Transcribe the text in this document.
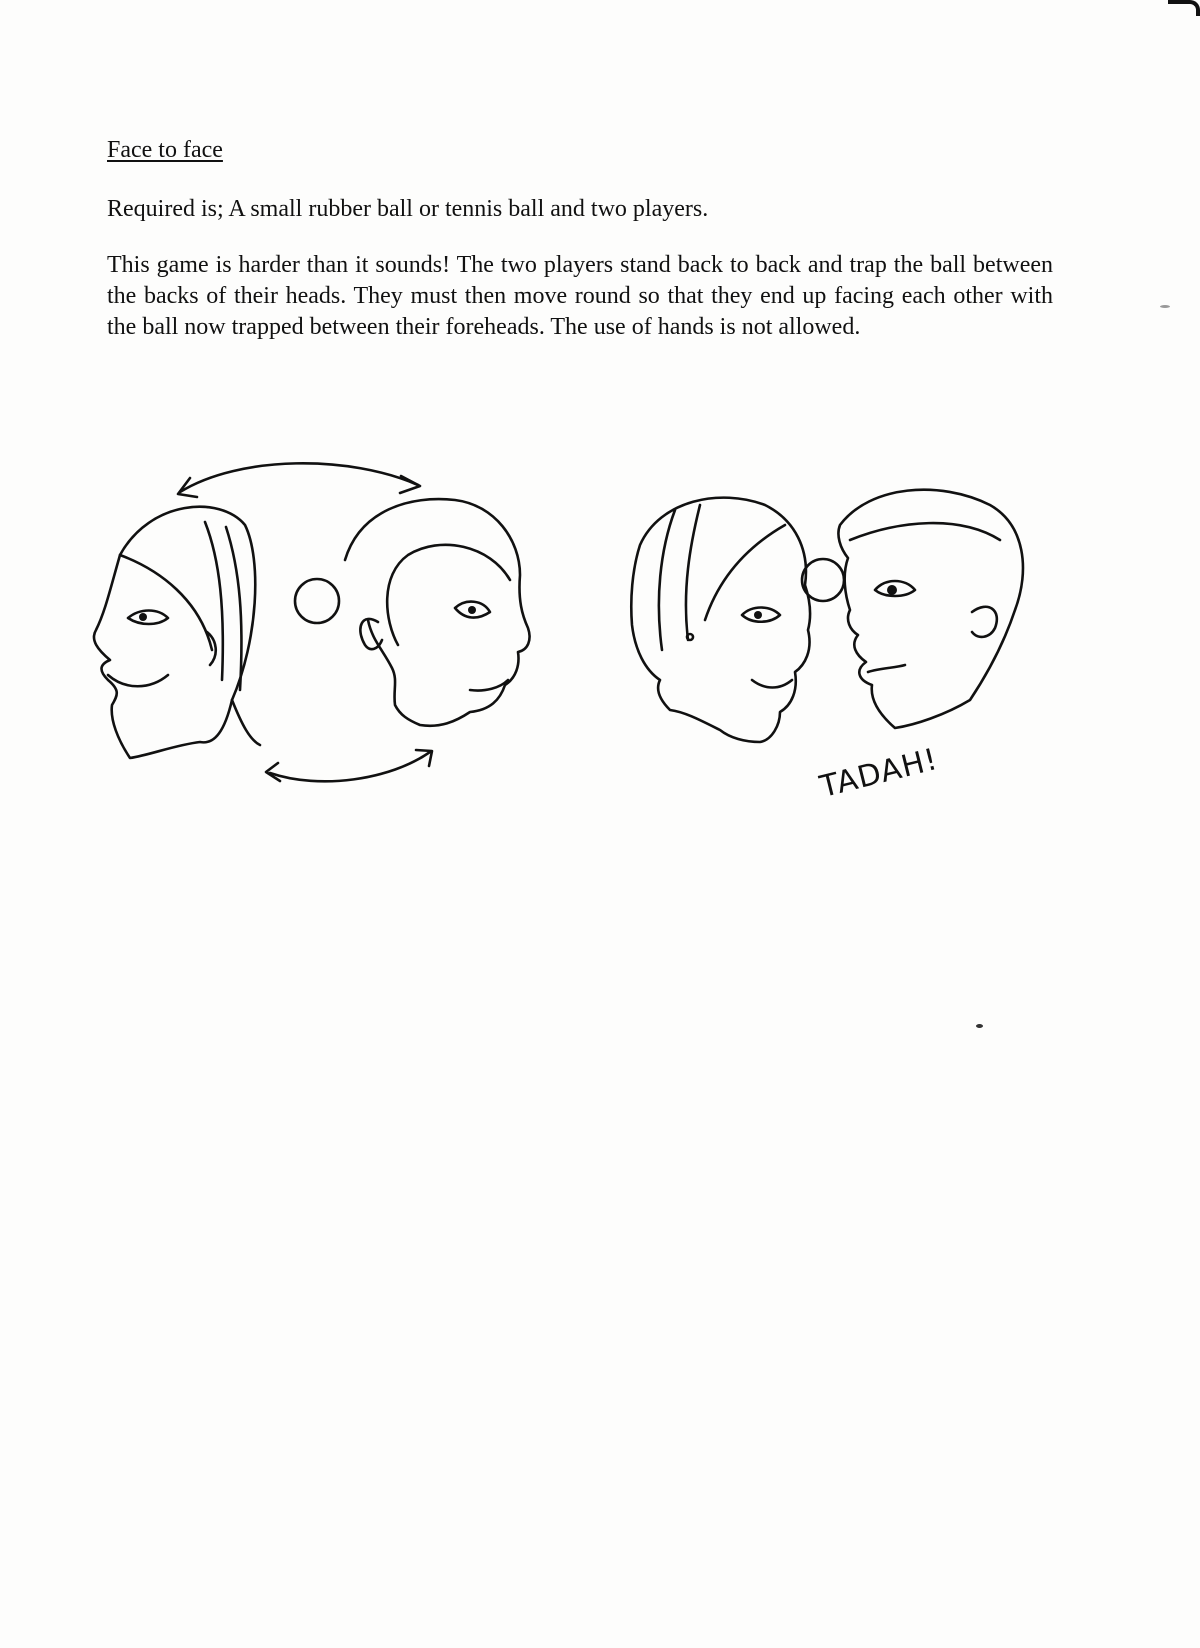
Face to face

Required is; A small rubber ball or tennis ball and two players.

This game is harder than it sounds! The two players stand back to back and trap the ball between the backs of their heads. They must then move round so that they end up facing each other with the ball now trapped between their foreheads. The use of hands is not allowed.

TADAH!
